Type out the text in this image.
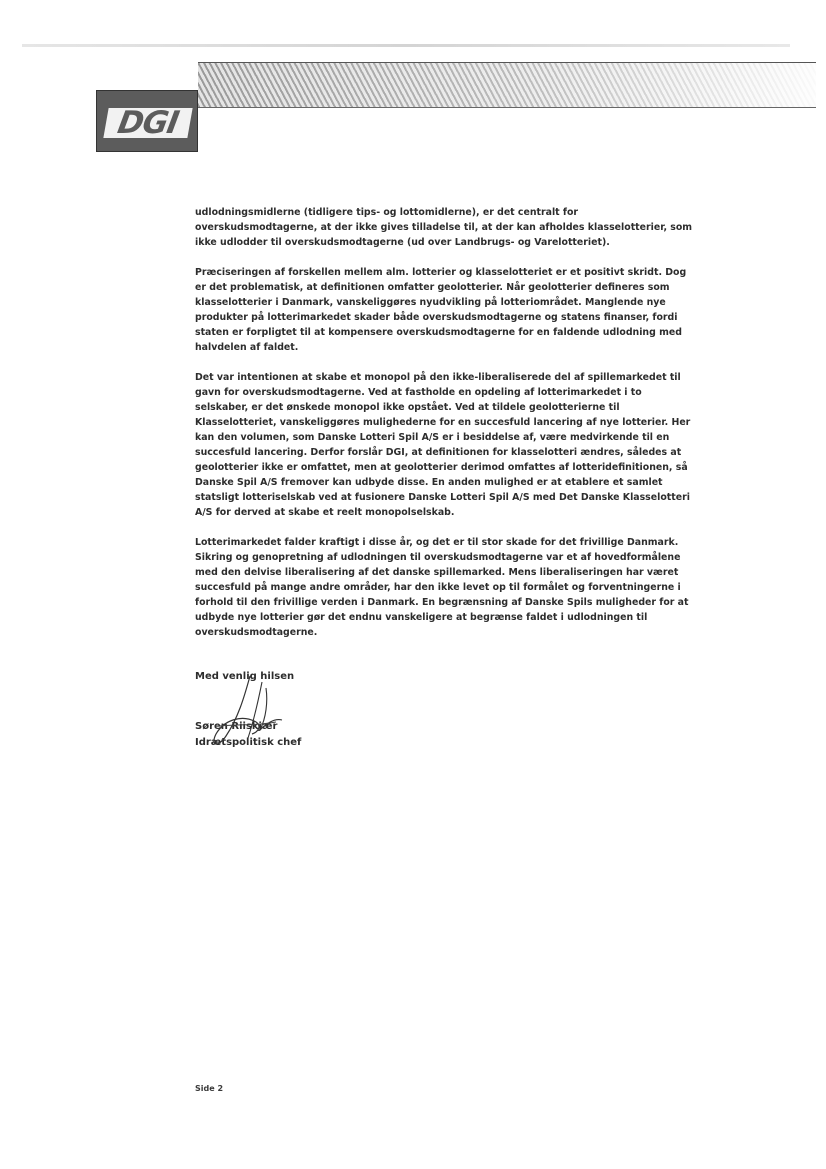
DGI

udlodningsmidlerne (tidligere tips- og lottomidlerne), er det centralt for overskudsmodtagerne, at der ikke gives tilladelse til, at der kan afholdes klasselotterier, som ikke udlodder til overskudsmodtagerne (ud over Landbrugs- og Varelotteriet).

Præciseringen af forskellen mellem alm. lotterier og klasselotteriet er et positivt skridt. Dog er det problematisk, at definitionen omfatter geolotterier. Når geolotterier defineres som klasselotterier i Danmark, vanskeliggøres nyudvikling på lotteriområdet. Manglende nye produkter på lotterimarkedet skader både overskudsmodtagerne og statens finanser, fordi staten er forpligtet til at kompensere overskudsmodtagerne for en faldende udlodning med halvdelen af faldet.

Det var intentionen at skabe et monopol på den ikke-liberaliserede del af spillemarkedet til gavn for overskudsmodtagerne. Ved at fastholde en opdeling af lotterimarkedet i to selskaber, er det ønskede monopol ikke opstået. Ved at tildele geolotterierne til Klasselotteriet, vanskeliggøres mulighederne for en succesfuld lancering af nye lotterier. Her kan den volumen, som Danske Lotteri Spil A/S er i besiddelse af, være medvirkende til en succesfuld lancering. Derfor forslår DGI, at definitionen for klasselotteri ændres, således at geolotterier ikke er omfattet, men at geolotterier derimod omfattes af lotteridefinitionen, så Danske Spil A/S fremover kan udbyde disse. En anden mulighed er at etablere et samlet statsligt lotteriselskab ved at fusionere Danske Lotteri Spil A/S med Det Danske Klasselotteri A/S for derved at skabe et reelt monopolselskab.

Lotterimarkedet falder kraftigt i disse år, og det er til stor skade for det frivillige Danmark. Sikring og genopretning af udlodningen til overskudsmodtagerne var et af hovedformålene med den delvise liberalisering af det danske spillemarked. Mens liberaliseringen har været succesfuld på mange andre områder, har den ikke levet op til formålet og forventningerne i forhold til den frivillige verden i Danmark. En begrænsning af Danske Spils muligheder for at udbyde nye lotterier gør det endnu vanskeligere at begrænse faldet i udlodningen til overskudsmodtagerne.

Med venlig hilsen
Søren Riiskjær
Idrætspolitisk chef
Side 2
